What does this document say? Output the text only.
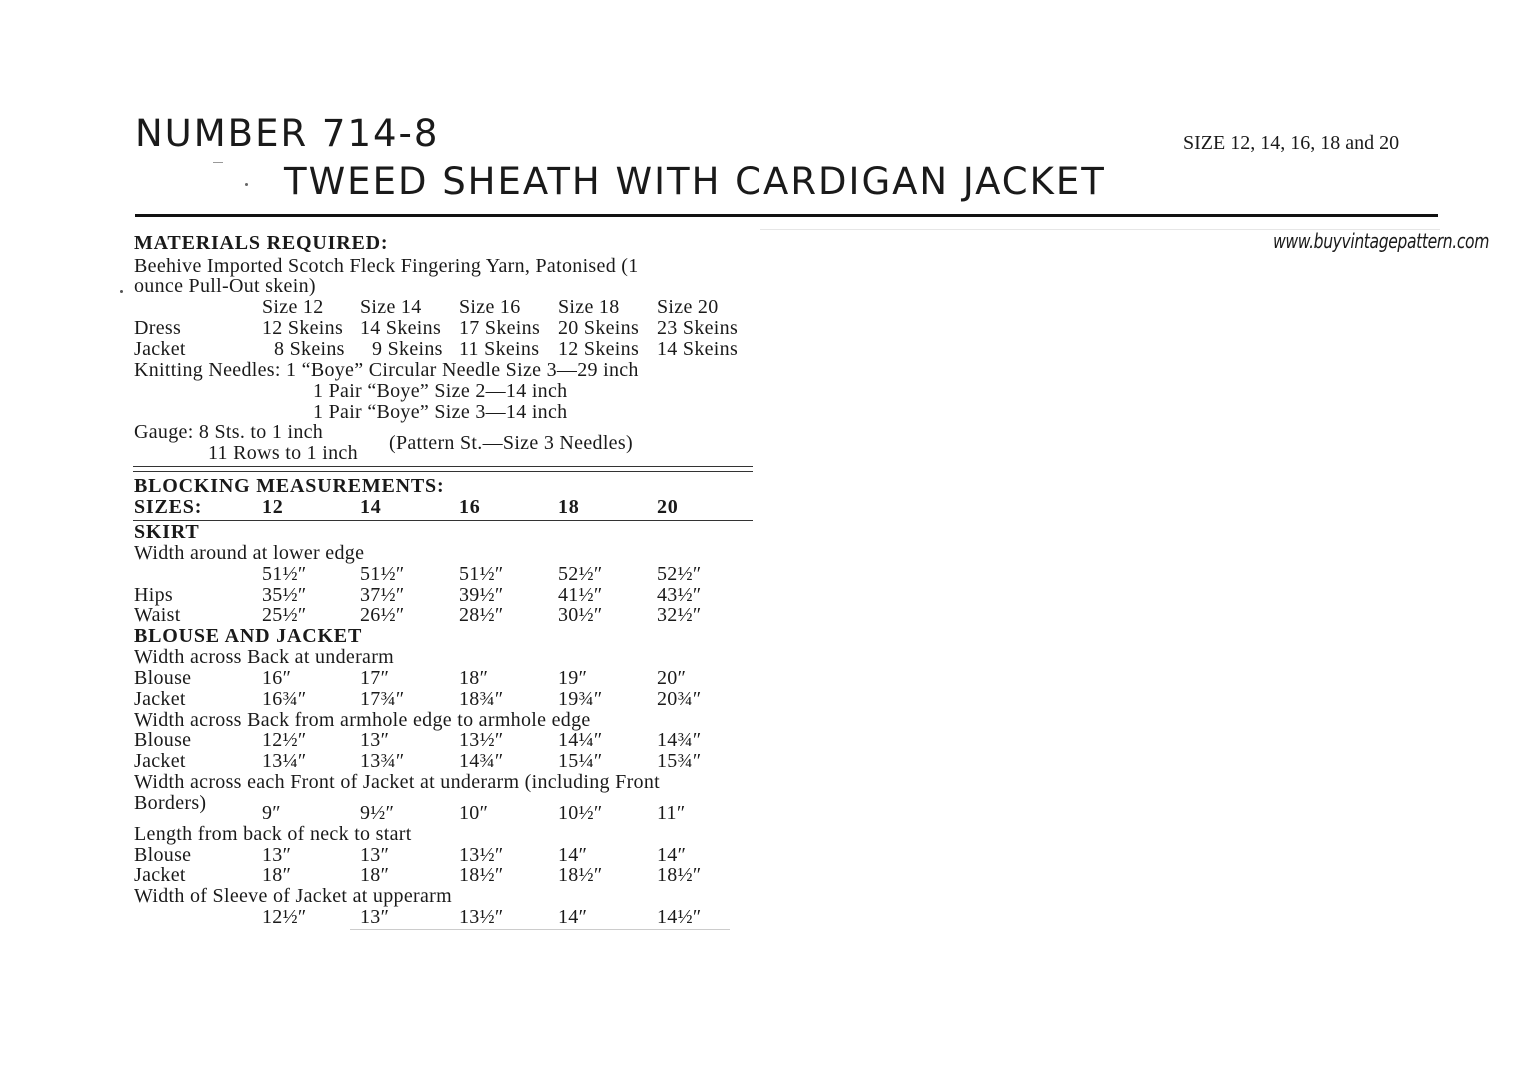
NUMBER 714-8	SIZE 12, 14, 16, 18 and 20
TWEED SHEATH WITH CARDIGAN JACKET
www.buyvintagepattern.com
MATERIALS REQUIRED:
Beehive Imported Scotch Fleck Fingering Yarn, Patonised (1
ounce Pull-Out skein)
Size 12 Size 14 Size 16 Size 18 Size 20
Dress	12 Skeins 14 Skeins 17 Skeins 20 Skeins 23 Skeins
Jacket	8 Skeins 9 Skeins 11 Skeins 12 Skeins 14 Skeins
Knitting Needles: 1 “Boye” Circular Needle Size 3—29 inch
1 Pair “Boye” Size 2—14 inch
1 Pair “Boye” Size 3—14 inch
Gauge: 8 Sts. to 1 inch
11 Rows to 1 inch (Pattern St.—Size 3 Needles)
BLOCKING MEASUREMENTS:
SIZES:	12	14	16	18	20
SKIRT
Width around at lower edge
51½″	51½″	51½″	52½″	52½″
Hips	35½″	37½″	39½″	41½″	43½″
Waist	25½″	26½″	28½″	30½″	32½″
BLOUSE AND JACKET
Width across Back at underarm
Blouse	16″	17″	18″	19″	20″
Jacket	16¾″	17¾″	18¾″	19¾″	20¾″
Width across Back from armhole edge to armhole edge
Blouse	12½″	13″	13½″	14¼″	14¾″
Jacket	13¼″	13¾″	14¾″	15¼″	15¾″
Width across each Front of Jacket at underarm (including Front
Borders)	9″	9½″	10″	10½″	11″
Length from back of neck to start
Blouse	13″	13″	13½″	14″	14″
Jacket	18″	18″	18½″	18½″	18½″
Width of Sleeve of Jacket at upperarm
12½″	13″	13½″	14″	14½″
